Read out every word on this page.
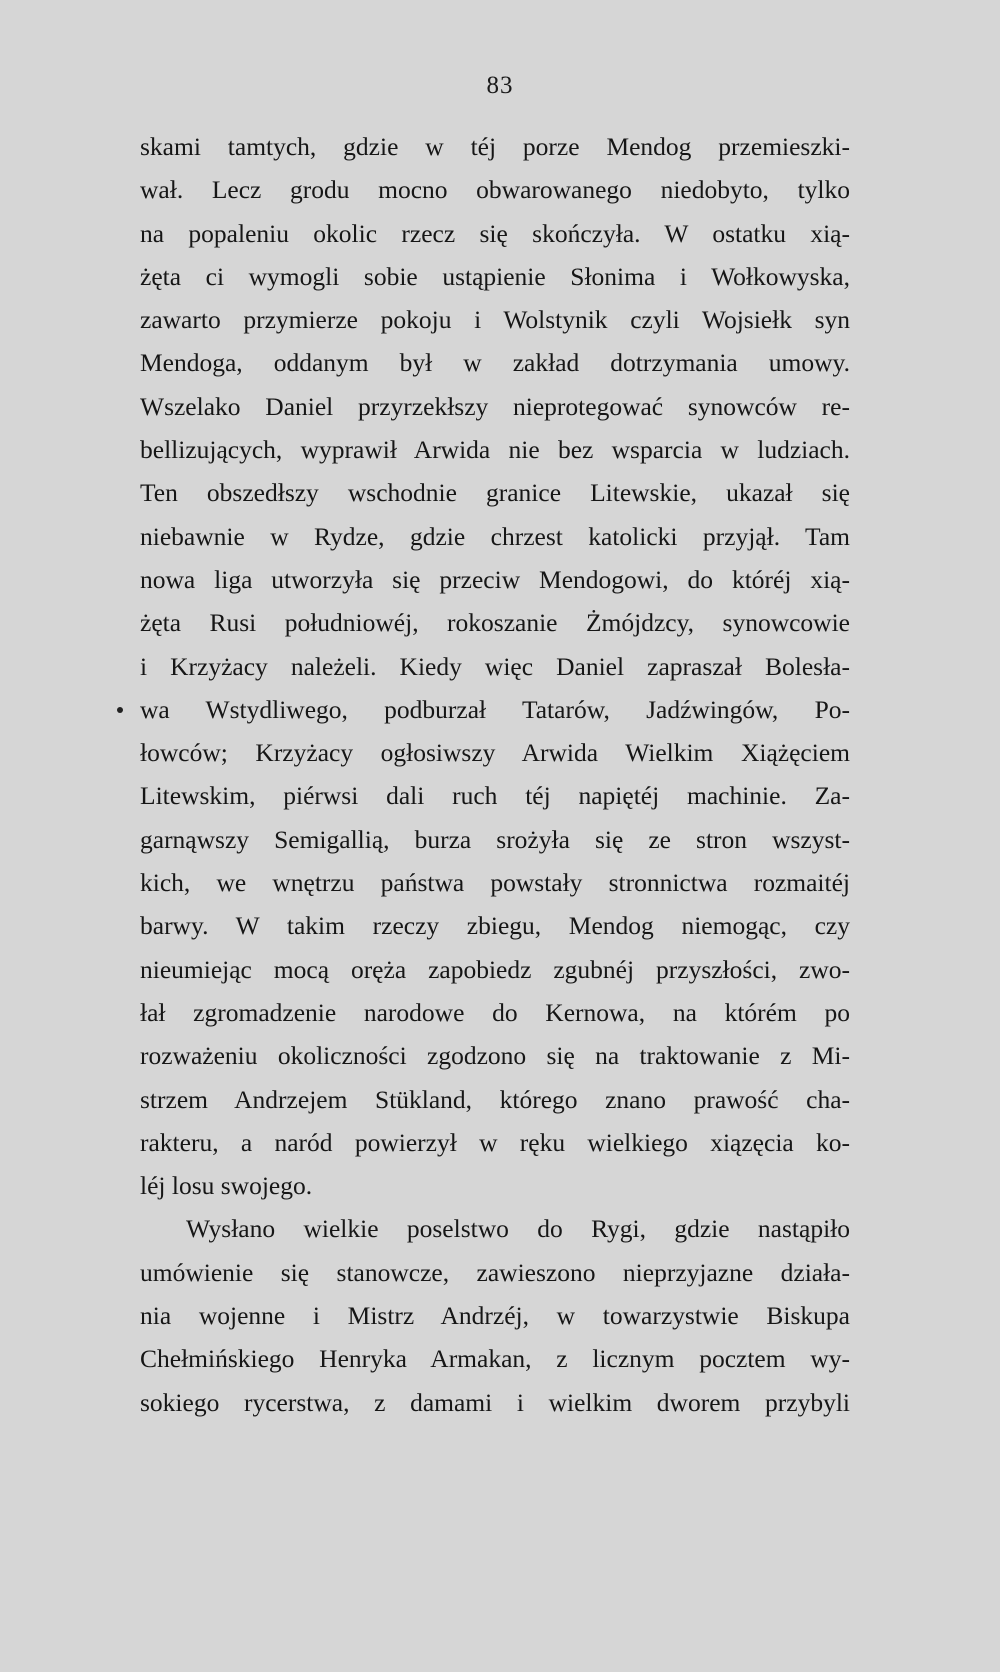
83
skami tamtych, gdzie w téj porze Mendog przemieszki-
wał. Lecz grodu mocno obwarowanego niedobyto, tylko
na popaleniu okolic rzecz się skończyła. W ostatku xią-
żęta ci wymogli sobie ustąpienie Słonima i Wołkowyska,
zawarto przymierze pokoju i Wolstynik czyli Wojsiełk syn
Mendoga, oddanym był w zakład dotrzymania umowy.
Wszelako Daniel przyrzekłszy nieprotegować synowców re-
bellizujących, wyprawił Arwida nie bez wsparcia w ludziach.
Ten obszedłszy wschodnie granice Litewskie, ukazał się
niebawnie w Rydze, gdzie chrzest katolicki przyjął. Tam
nowa liga utworzyła się przeciw Mendogowi, do któréj xią-
żęta Rusi południowéj, rokoszanie Żmójdzcy, synowcowie
i Krzyżacy należeli. Kiedy więc Daniel zapraszał Bolesła-
wa Wstydliwego, podburzał Tatarów, Jadźwingów, Po-
łowców; Krzyżacy ogłosiwszy Arwida Wielkim Xiążęciem
Litewskim, piérwsi dali ruch téj napiętéj machinie. Za-
garnąwszy Semigallią, burza srożyła się ze stron wszyst-
kich, we wnętrzu państwa powstały stronnictwa rozmaitéj
barwy. W takim rzeczy zbiegu, Mendog niemogąc, czy
nieumiejąc mocą oręża zapobiedz zgubnéj przyszłości, zwo-
łał zgromadzenie narodowe do Kernowa, na którém po
rozważeniu okoliczności zgodzono się na traktowanie z Mi-
strzem Andrzejem Stükland, którego znano prawość cha-
rakteru, a naród powierzył w ręku wielkiego xiązęcia ko-
léj losu swojego.
Wysłano wielkie poselstwo do Rygi, gdzie nastąpiło
umówienie się stanowcze, zawieszono nieprzyjazne działa-
nia wojenne i Mistrz Andrzéj, w towarzystwie Biskupa
Chełmińskiego Henryka Armakan, z licznym pocztem wy-
sokiego rycerstwa, z damami i wielkim dworem przybyli
